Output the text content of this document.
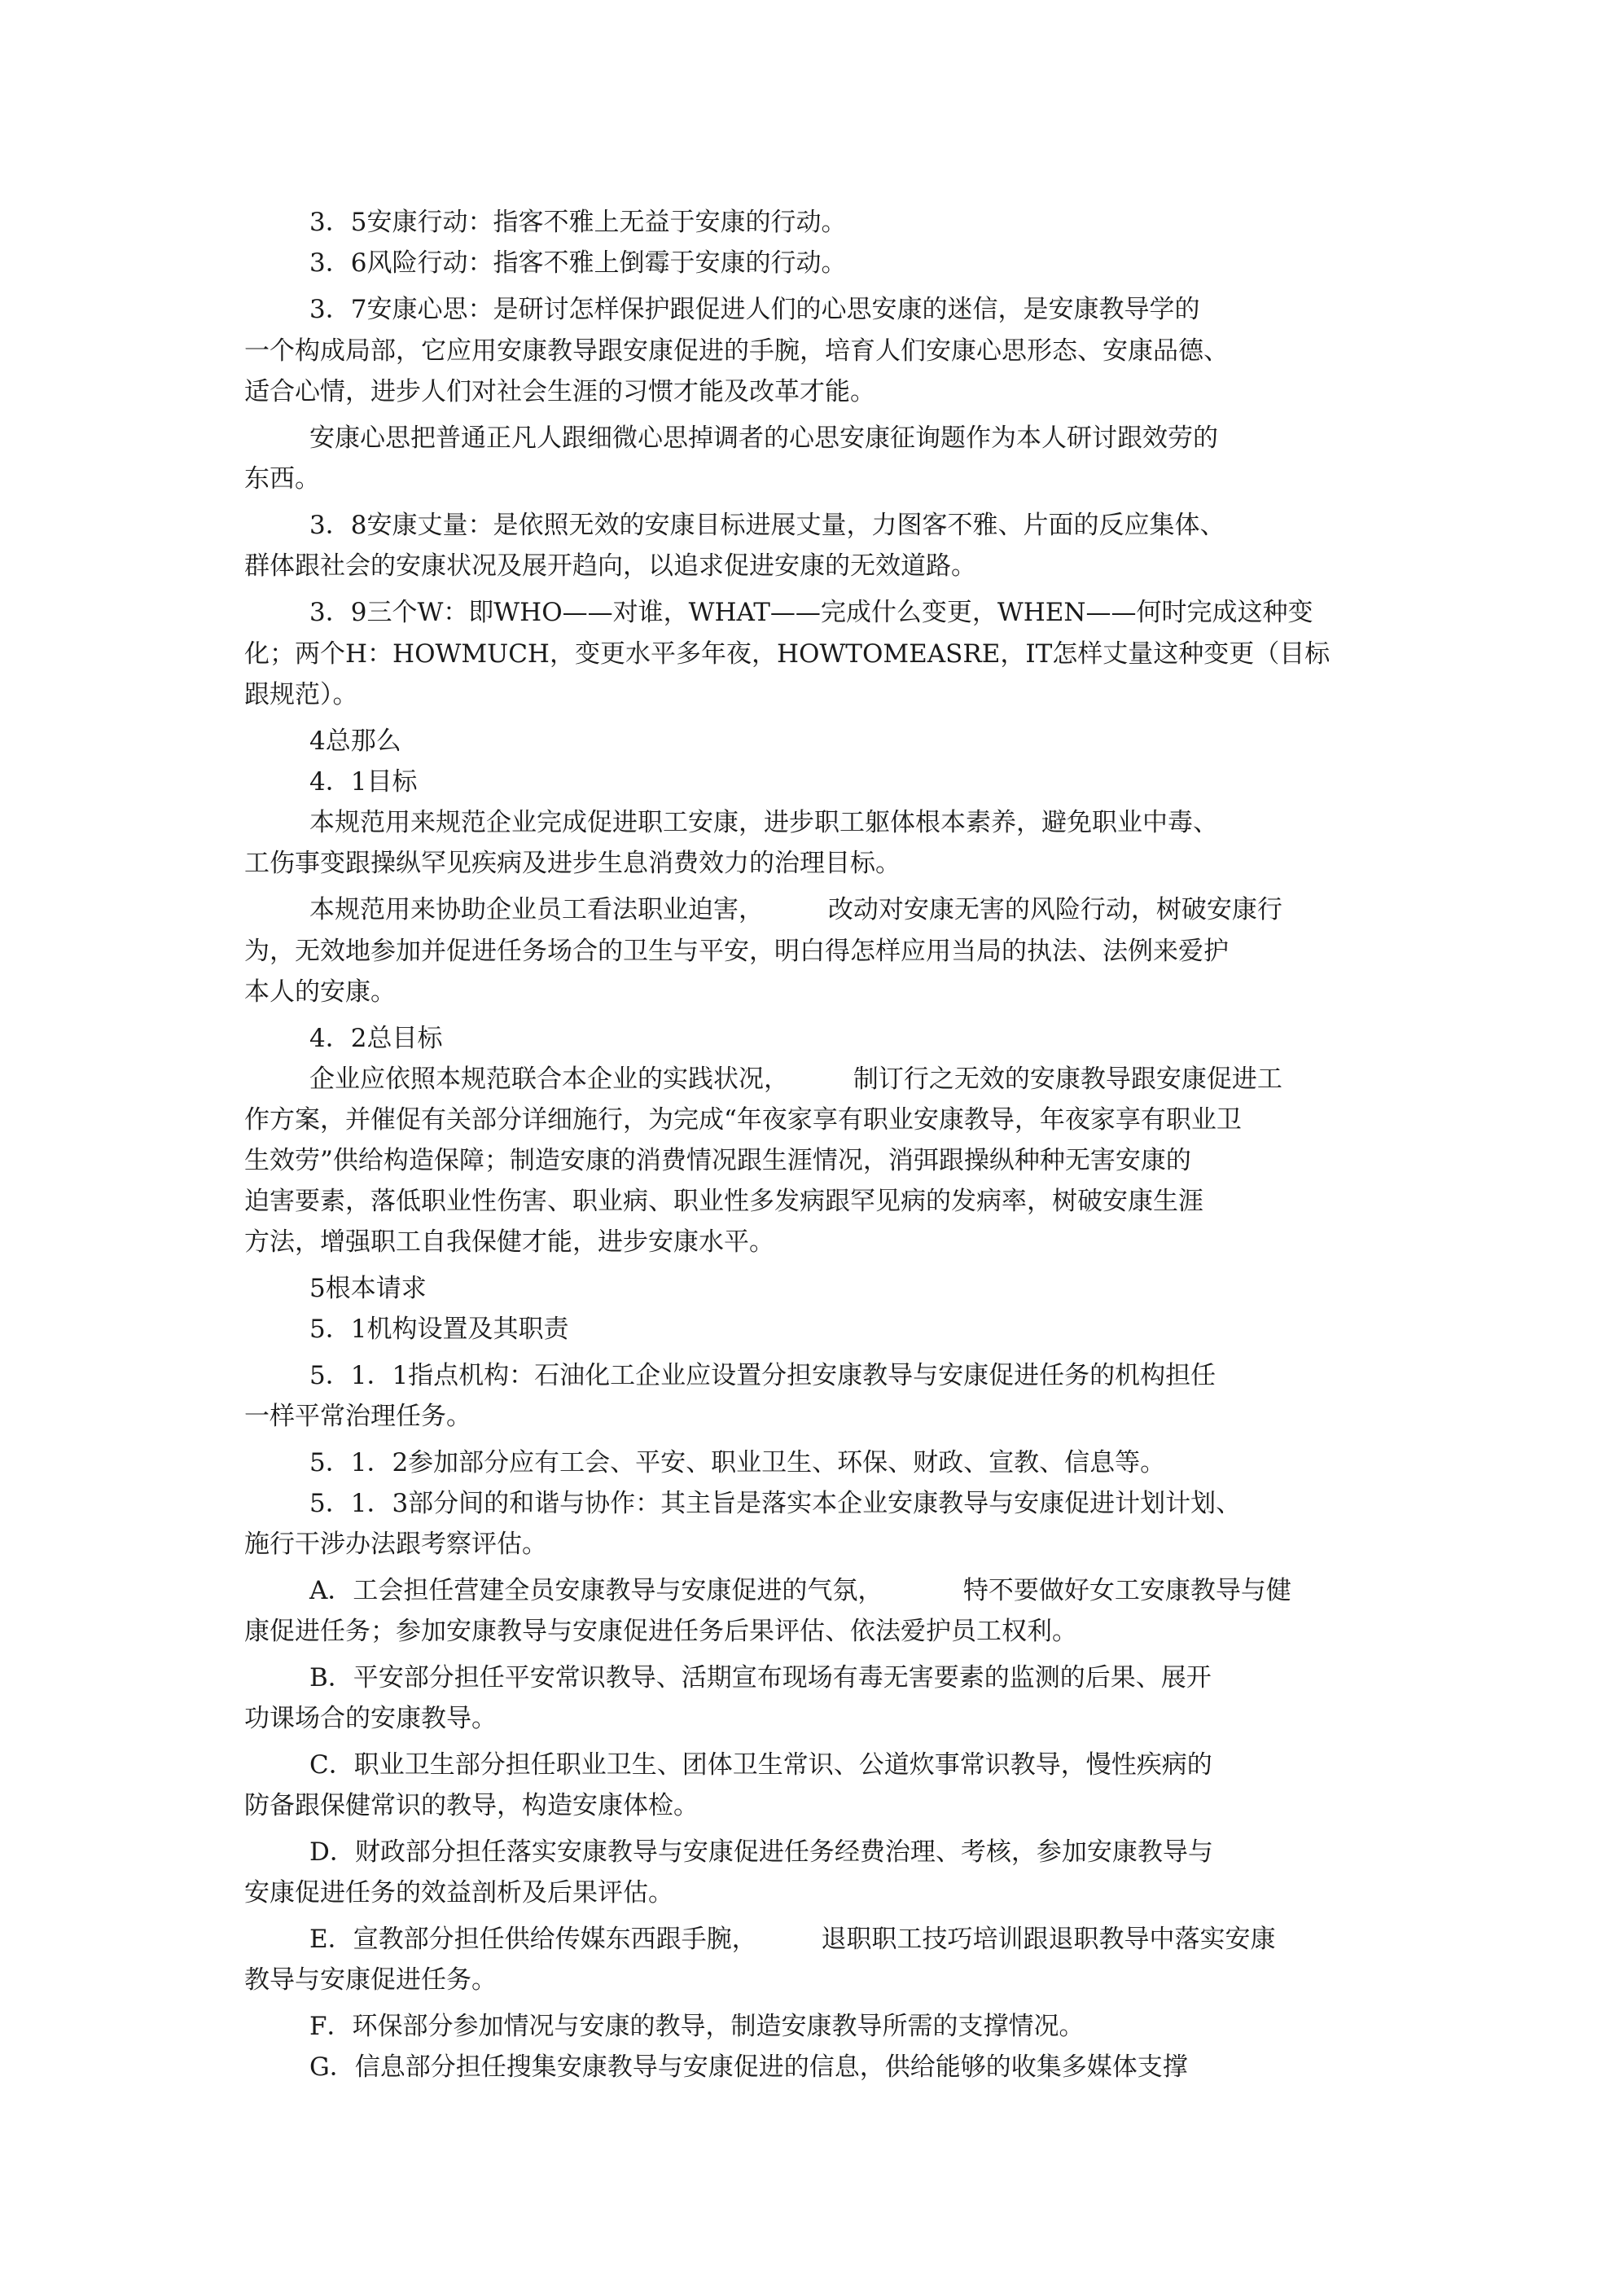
3．5安康行动：指客不雅上无益于安康的行动。

3．6风险行动：指客不雅上倒霉于安康的行动。

3．7安康心思：是研讨怎样保护跟促进人们的心思安康的迷信，是安康教导学的

一个构成局部，它应用安康教导跟安康促进的手腕，培育人们安康心思形态、安康品德、

适合心情，进步人们对社会生涯的习惯才能及改革才能。

安康心思把普通正凡人跟细微心思掉调者的心思安康征询题作为本人研讨跟效劳的

东西。

3．8安康丈量：是依照无效的安康目标进展丈量，力图客不雅、片面的反应集体、

群体跟社会的安康状况及展开趋向，以追求促进安康的无效道路。

3．9三个W：即WHO——对谁，WHAT——完成什么变更，WHEN——何时完成这种变

化；两个H：HOWMUCH，变更水平多年夜，HOWTOMEASRE，IT怎样丈量这种变更（目标

跟规范）。

4总那么

4．1目标

本规范用来规范企业完成促进职工安康，进步职工躯体根本素养，避免职业中毒、

工伤事变跟操纵罕见疾病及进步生息消费效力的治理目标。

本规范用来协助企业员工看法职业迫害，        改动对安康无害的风险行动，树破安康行

为，无效地参加并促进任务场合的卫生与平安，明白得怎样应用当局的执法、法例来爱护

本人的安康。

4．2总目标

企业应依照本规范联合本企业的实践状况，        制订行之无效的安康教导跟安康促进工

作方案，并催促有关部分详细施行，为完成“年夜家享有职业安康教导，年夜家享有职业卫

生效劳”供给构造保障；制造安康的消费情况跟生涯情况，消弭跟操纵种种无害安康的

迫害要素，落低职业性伤害、职业病、职业性多发病跟罕见病的发病率，树破安康生涯

方法，增强职工自我保健才能，进步安康水平。

5根本请求

5．1机构设置及其职责

5．1．1指点机构：石油化工企业应设置分担安康教导与安康促进任务的机构担任

一样平常治理任务。

5．1．2参加部分应有工会、平安、职业卫生、环保、财政、宣教、信息等。

5．1．3部分间的和谐与协作：其主旨是落实本企业安康教导与安康促进计划计划、

施行干涉办法跟考察评估。

A．工会担任营建全员安康教导与安康促进的气氛，          特不要做好女工安康教导与健

康促进任务；参加安康教导与安康促进任务后果评估、依法爱护员工权利。

B．平安部分担任平安常识教导、活期宣布现场有毒无害要素的监测的后果、展开

功课场合的安康教导。

C．职业卫生部分担任职业卫生、团体卫生常识、公道炊事常识教导，慢性疾病的

防备跟保健常识的教导，构造安康体检。

D．财政部分担任落实安康教导与安康促进任务经费治理、考核，参加安康教导与

安康促进任务的效益剖析及后果评估。

E．宣教部分担任供给传媒东西跟手腕，        退职职工技巧培训跟退职教导中落实安康

教导与安康促进任务。

F．环保部分参加情况与安康的教导，制造安康教导所需的支撑情况。

G．信息部分担任搜集安康教导与安康促进的信息，供给能够的收集多媒体支撑
